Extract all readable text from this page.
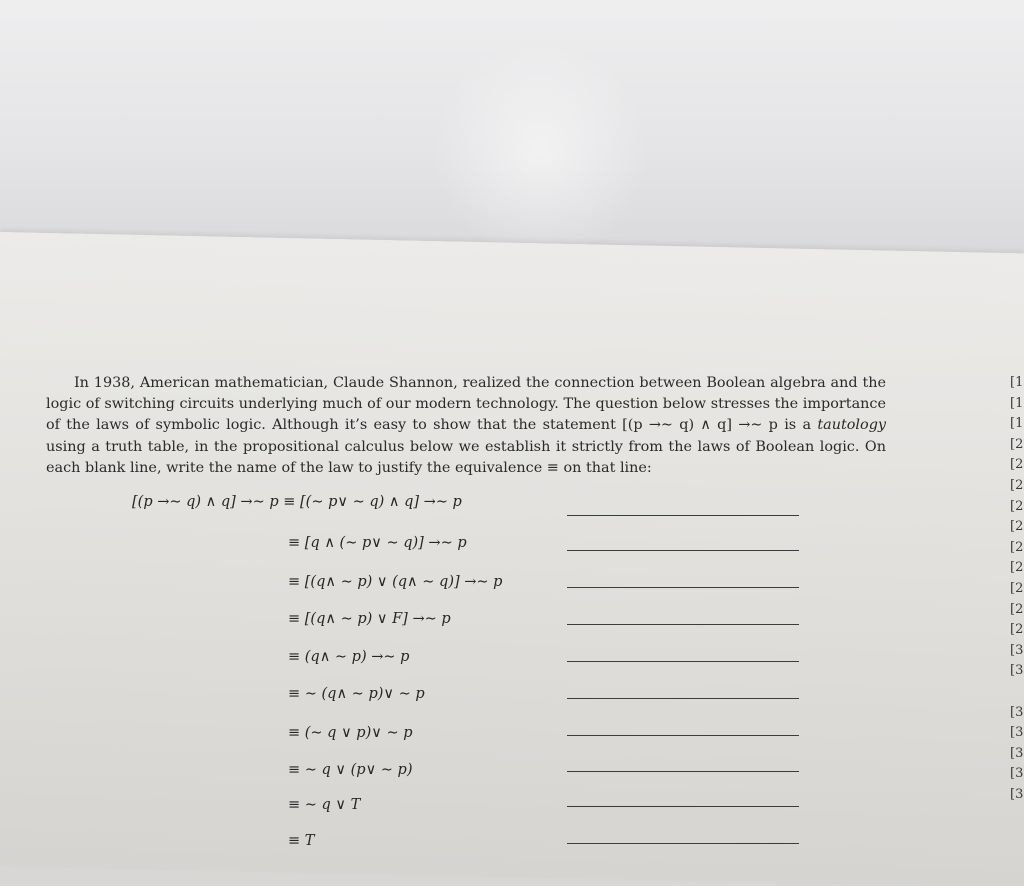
In 1938, American mathematician, Claude Shannon, realized the connection between Boolean algebra and the logic of switching circuits underlying much of our modern technology. The question below stresses the importance of the laws of symbolic logic. Although it’s easy to show that the statement [(p →∼ q) ∧ q] →∼ p is a tautology using a truth table, in the propositional calculus below we establish it strictly from the laws of Boolean logic. On each blank line, write the name of the law to justify the equivalence ≡ on that line:

[1
[1
[1
[2
[2
[2
[2
[2
[2
[2
[2
[2
[2
[3
[3
[3
[3
[3
[3
[3
[(p →∼ q) ∧ q] →∼ p ≡ [(∼ p∨ ∼ q) ∧ q] →∼ p
≡ [q ∧ (∼ p∨ ∼ q)] →∼ p
≡ [(q∧ ∼ p) ∨ (q∧ ∼ q)] →∼ p
≡ [(q∧ ∼ p) ∨ F] →∼ p
≡ (q∧ ∼ p) →∼ p
≡ ∼ (q∧ ∼ p)∨ ∼ p
≡ (∼ q ∨ p)∨ ∼ p
≡ ∼ q ∨ (p∨ ∼ p)
≡ ∼ q ∨ T
≡ T
